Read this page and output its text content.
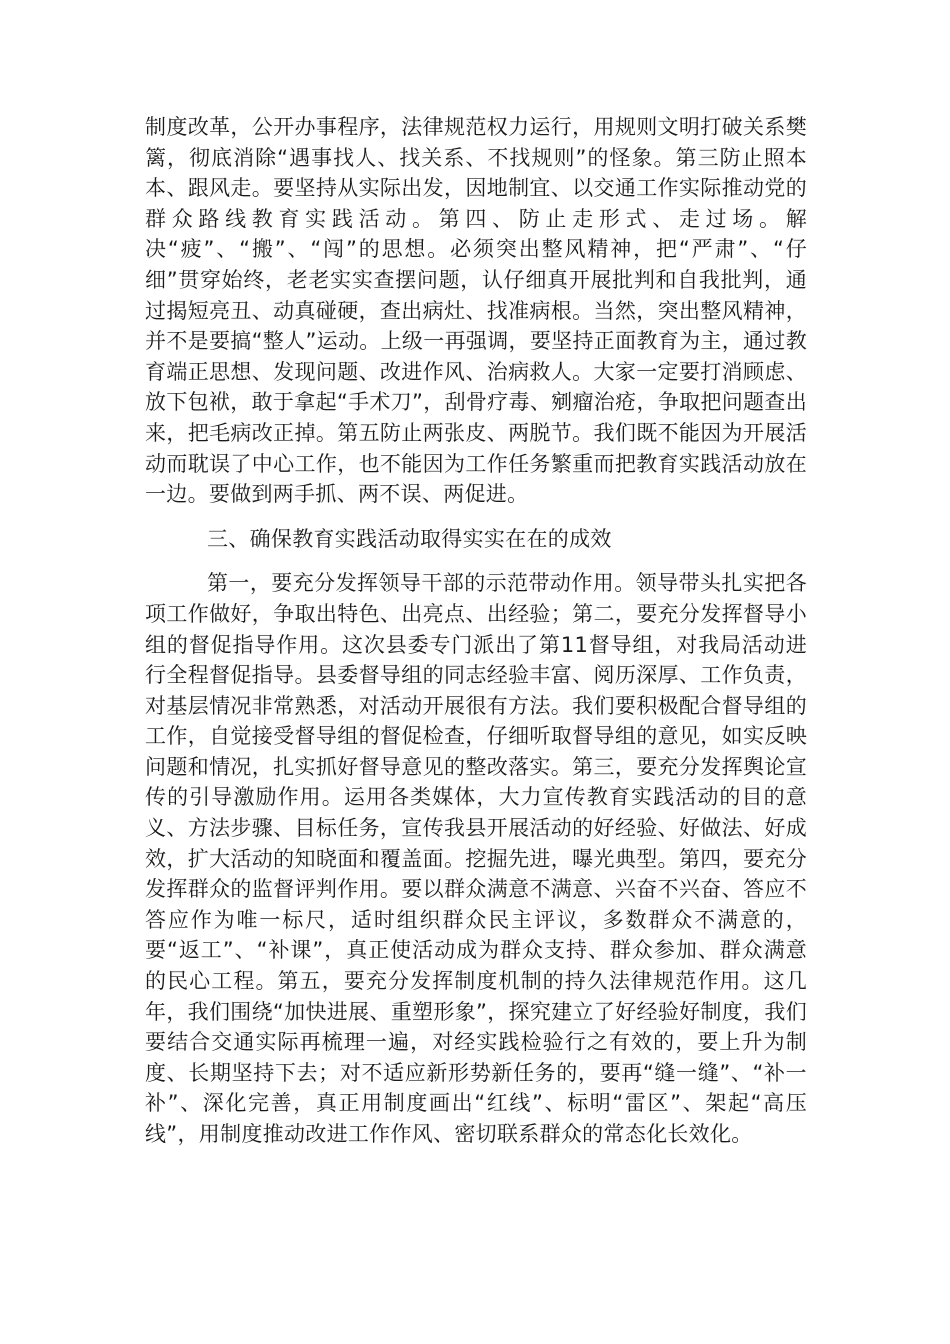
制度改革，公开办事程序，法律规范权力运行，用规则文明打破关系樊篱，彻底消除“遇事找人、找关系、不找规则”的怪象。第三防止照本本、跟风走。要坚持从实际出发，因地制宜、以交通工作实际推动党的群众路线教育实践活动。第四、防止走形式、走过场。解决“疲”、“搬”、“闯”的思想。必须突出整风精神，把“严肃”、“仔细”贯穿始终，老老实实查摆问题，认仔细真开展批判和自我批判，通过揭短亮丑、动真碰硬，查出病灶、找准病根。当然，突出整风精神，并不是要搞“整人”运动。上级一再强调，要坚持正面教育为主，通过教育端正思想、发现问题、改进作风、治病救人。大家一定要打消顾虑、放下包袱，敢于拿起“手术刀”，刮骨疗毒、剜瘤治疮，争取把问题查出来，把毛病改正掉。第五防止两张皮、两脱节。我们既不能因为开展活动而耽误了中心工作，也不能因为工作任务繁重而把教育实践活动放在一边。要做到两手抓、两不误、两促进。

三、确保教育实践活动取得实实在在的成效

第一，要充分发挥领导干部的示范带动作用。领导带头扎实把各项工作做好，争取出特色、出亮点、出经验；第二，要充分发挥督导小组的督促指导作用。这次县委专门派出了第11督导组，对我局活动进行全程督促指导。县委督导组的同志经验丰富、阅历深厚、工作负责，对基层情况非常熟悉，对活动开展很有方法。我们要积极配合督导组的工作，自觉接受督导组的督促检查，仔细听取督导组的意见，如实反映问题和情况，扎实抓好督导意见的整改落实。第三，要充分发挥舆论宣传的引导激励作用。运用各类媒体，大力宣传教育实践活动的目的意义、方法步骤、目标任务，宣传我县开展活动的好经验、好做法、好成效，扩大活动的知晓面和覆盖面。挖掘先进，曝光典型。第四，要充分发挥群众的监督评判作用。要以群众满意不满意、兴奋不兴奋、答应不答应作为唯一标尺，适时组织群众民主评议，多数群众不满意的，要“返工”、“补课”，真正使活动成为群众支持、群众参加、群众满意的民心工程。第五，要充分发挥制度机制的持久法律规范作用。这几年，我们围绕“加快进展、重塑形象”，探究建立了好经验好制度，我们要结合交通实际再梳理一遍，对经实践检验行之有效的，要上升为制度、长期坚持下去；对不适应新形势新任务的，要再“缝一缝”、“补一补”、深化完善，真正用制度画出“红线”、标明“雷区”、架起“高压线”，用制度推动改进工作作风、密切联系群众的常态化长效化。
